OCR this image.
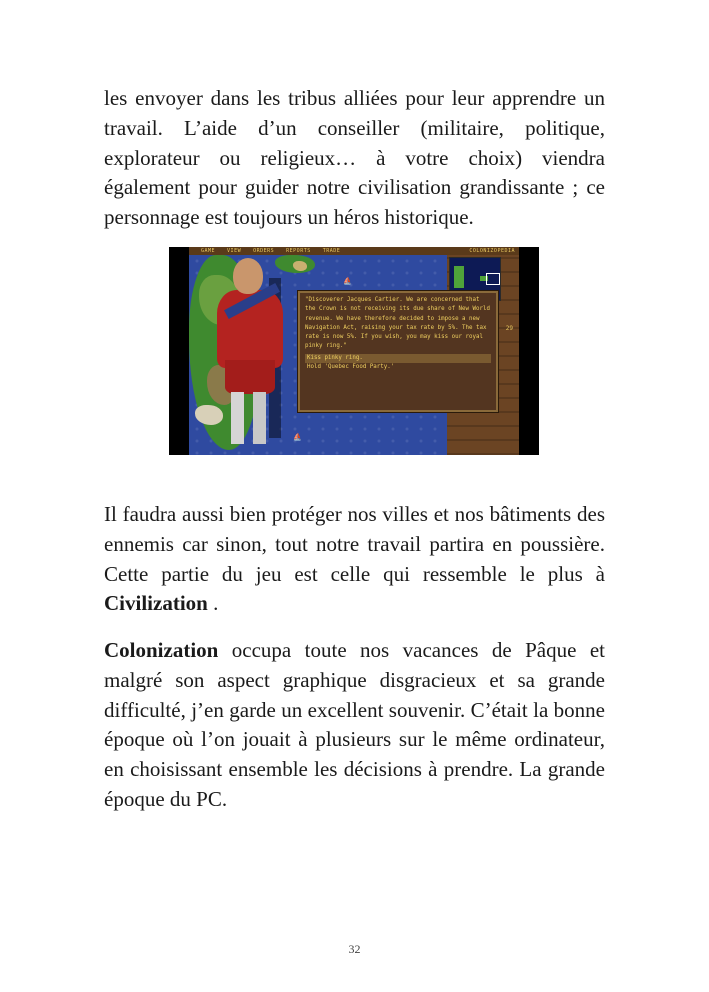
les envoyer dans les tribus alliées pour leur apprendre un travail. L’aide d’un conseiller (militaire, politique, explorateur ou religieux… à votre choix) viendra également pour guider notre civilisation grandissante ; ce personnage est toujours un héros historique.

GAME VIEW ORDERS REPORTS TRADE	COLONIZOPEDIA
⛵
⛵
29

"Discoverer Jacques Cartier. We are concerned that the Crown is not receiving its due share of New World revenue. We have therefore decided to impose a new Navigation Act, raising your tax rate by 5%. The tax rate is now 5%. If you wish, you may kiss our royal pinky ring."

Kiss pinky ring.
Hold 'Quebec Food Party.'

Il faudra aussi bien protéger nos villes et nos bâtiments des ennemis car sinon, tout notre travail partira en poussière. Cette partie du jeu est celle qui ressemble le plus à Civilization .

Colonization occupa toute nos vacances de Pâque et malgré son aspect graphique disgracieux et sa grande difficulté, j’en garde un excellent souvenir. C’était la bonne époque où l’on jouait à plusieurs sur le même ordinateur, en choisissant ensemble les décisions à prendre. La grande époque du PC.

32
